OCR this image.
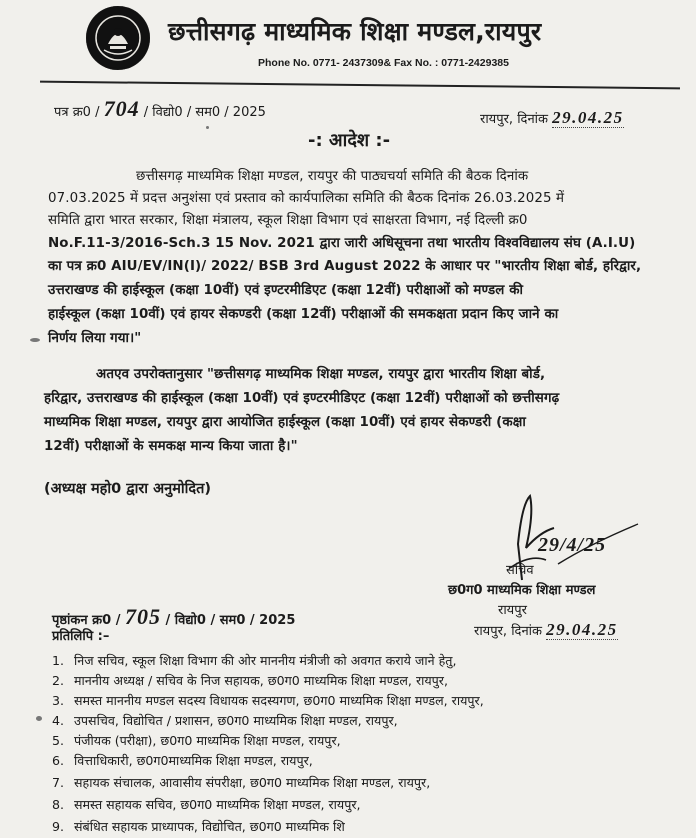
छत्तीसगढ़ माध्यमिक शिक्षा मण्डल,रायपुर
Phone No. 0771- 2437309& Fax No. : 0771-2429385
पत्र क्र0 / 704 / विद्यो0 / सम0 / 2025	रायपुर, दिनांक 29.04.25
-: आदेश :-
छत्तीसगढ़ माध्यमिक शिक्षा मण्डल, रायपुर की पाठ्यचर्या समिति की बैठक दिनांक
07.03.2025 में प्रदत्त अनुशंसा एवं प्रस्ताव को कार्यपालिका समिति की बैठक दिनांक 26.03.2025 में
समिति द्वारा भारत सरकार, शिक्षा मंत्रालय, स्कूल शिक्षा विभाग एवं साक्षरता विभाग, नई दिल्ली क्र0
No.F.11-3/2016-Sch.3 15 Nov. 2021 द्वारा जारी अधिसूचना तथा भारतीय विश्वविद्यालय संघ (A.I.U)
का पत्र क्र0 AIU/EV/IN(I)/ 2022/ BSB 3rd August 2022 के आधार पर "भारतीय शिक्षा बोर्ड, हरिद्वार,
उत्तराखण्ड की हाईस्कूल (कक्षा 10वीं) एवं इण्टरमीडिएट (कक्षा 12वीं) परीक्षाओं को मण्डल की
हाईस्कूल (कक्षा 10वीं) एवं हायर सेकण्डरी (कक्षा 12वीं) परीक्षाओं की समकक्षता प्रदान किए जाने का
निर्णय लिया गया।"
अतएव उपरोक्तानुसार "छत्तीसगढ़ माध्यमिक शिक्षा मण्डल, रायपुर द्वारा भारतीय शिक्षा बोर्ड,
हरिद्वार, उत्तराखण्ड की हाईस्कूल (कक्षा 10वीं) एवं इण्टरमीडिएट (कक्षा 12वीं) परीक्षाओं को छत्तीसगढ़
माध्यमिक शिक्षा मण्डल, रायपुर द्वारा आयोजित हाईस्कूल (कक्षा 10वीं) एवं हायर सेकण्डरी (कक्षा
12वीं) परीक्षाओं के समकक्ष मान्य किया जाता है।"
(अध्यक्ष महो0 द्वारा अनुमोदित)
29/4/25
सचिव
छ0ग0 माध्यमिक शिक्षा मण्डल
रायपुर
पृष्ठांकन क्र0 / 705 / विद्यो0 / सम0 / 2025
रायपुर, दिनांक 29.04.25
प्रतिलिपि :–
1. निज सचिव, स्कूल शिक्षा विभाग की ओर माननीय मंत्रीजी को अवगत कराये जाने हेतु,
2. माननीय अध्यक्ष / सचिव के निज सहायक, छ0ग0 माध्यमिक शिक्षा मण्डल, रायपुर,
3. समस्त माननीय मण्डल सदस्य विधायक सदस्यगण, छ0ग0 माध्यमिक शिक्षा मण्डल, रायपुर,
4. उपसचिव, विद्योचित / प्रशासन, छ0ग0 माध्यमिक शिक्षा मण्डल, रायपुर,
5. पंजीयक (परीक्षा), छ0ग0 माध्यमिक शिक्षा मण्डल, रायपुर,
6. वित्ताधिकारी, छ0ग0माध्यमिक शिक्षा मण्डल, रायपुर,
7. सहायक संचालक, आवासीय संपरीक्षा, छ0ग0 माध्यमिक शिक्षा मण्डल, रायपुर,
8. समस्त सहायक सचिव, छ0ग0 माध्यमिक शिक्षा मण्डल, रायपुर,
9. संबंधित सहायक प्राध्यापक, विद्योचित, छ0ग0 माध्यमिक शि
